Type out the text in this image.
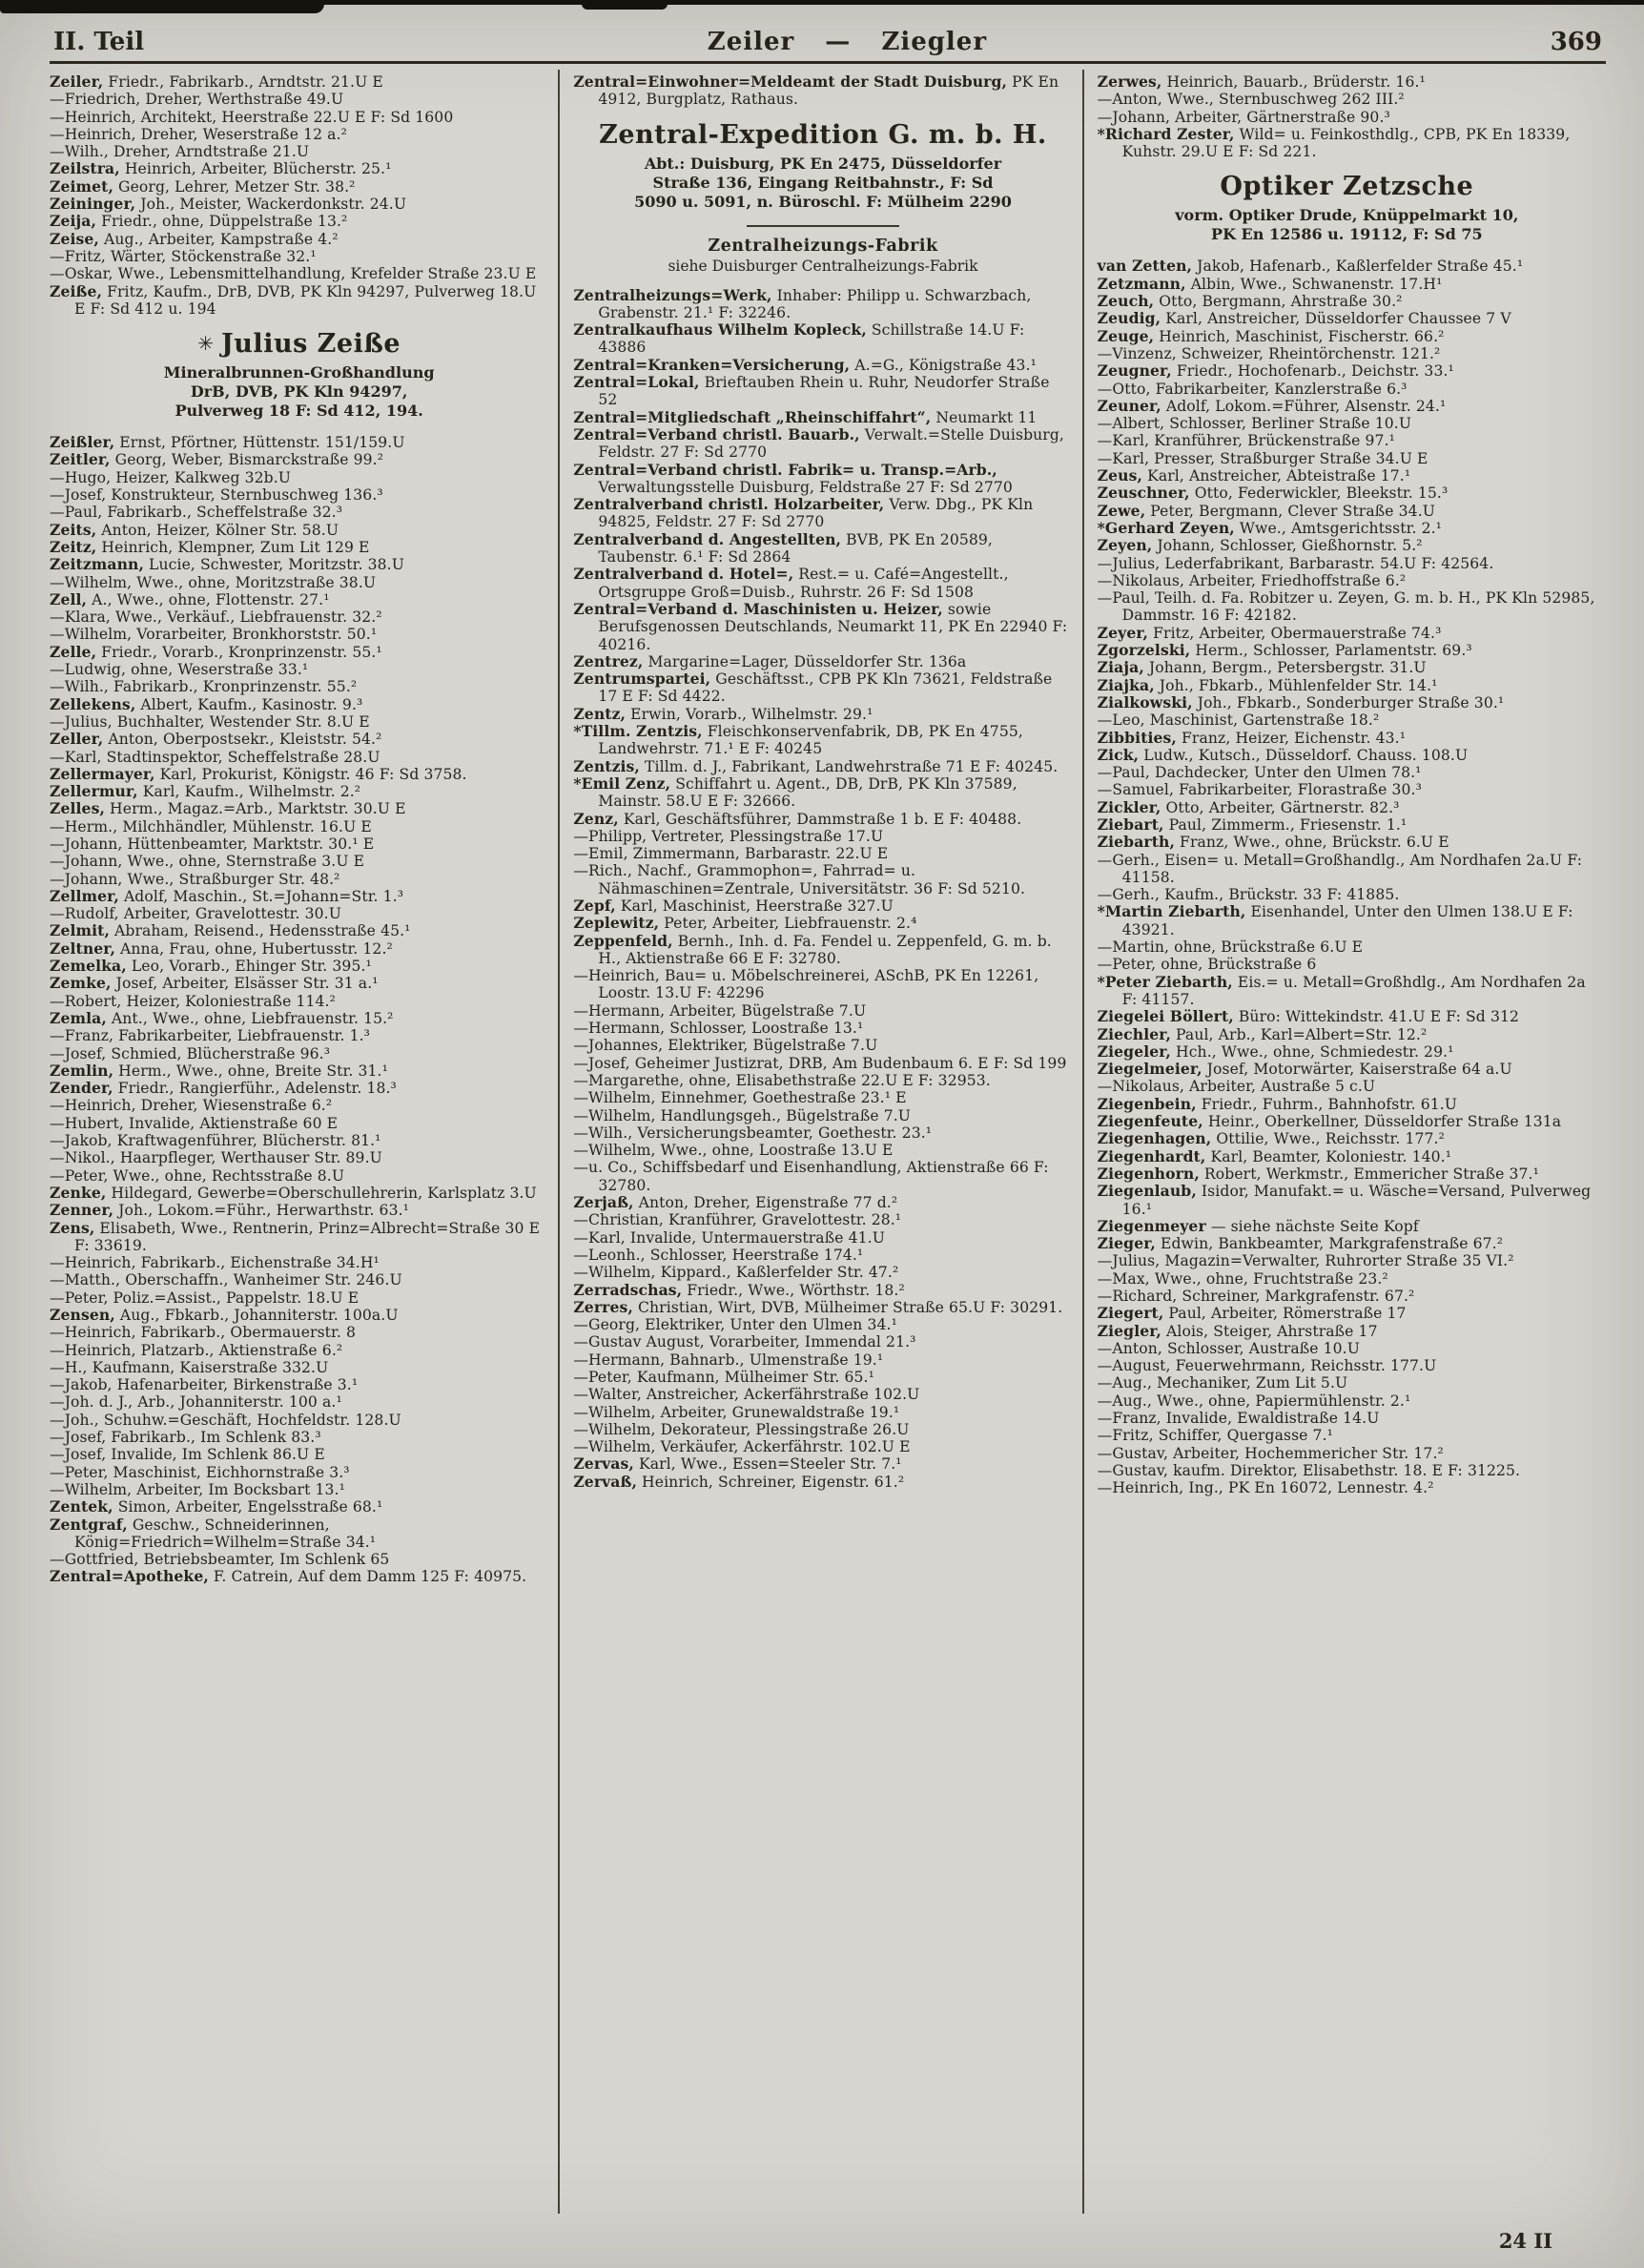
II. Teil	Zeiler — Ziegler	369
Zeiler, Friedr., Fabrikarb., Arndtstr. 21.U E
—Friedrich, Dreher, Werthstraße 49.U
—Heinrich, Architekt, Heerstraße 22.U E F: Sd 1600
—Heinrich, Dreher, Weserstraße 12 a.²
—Wilh., Dreher, Arndtstraße 21.U
Zeilstra, Heinrich, Arbeiter, Blücherstr. 25.¹
Zeimet, Georg, Lehrer, Metzer Str. 38.²
Zeininger, Joh., Meister, Wackerdonkstr. 24.U
Zeija, Friedr., ohne, Düppelstraße 13.²
Zeise, Aug., Arbeiter, Kampstraße 4.²
—Fritz, Wärter, Stöckenstraße 32.¹
—Oskar, Wwe., Lebensmittelhandlung, Krefelder Straße 23.U E
Zeiße, Fritz, Kaufm., DrB, DVB, PK Kln 94297, Pulverweg 18.U E F: Sd 412 u. 194
✳ Julius Zeiße
Mineralbrunnen-Großhandlung
DrB, DVB, PK Kln 94297,
Pulverweg 18 F: Sd 412, 194.
Zeißler, Ernst, Pförtner, Hüttenstr. 151/159.U
Zeitler, Georg, Weber, Bismarckstraße 99.²
—Hugo, Heizer, Kalkweg 32b.U
—Josef, Konstrukteur, Sternbuschweg 136.³
—Paul, Fabrikarb., Scheffelstraße 32.³
Zeits, Anton, Heizer, Kölner Str. 58.U
Zeitz, Heinrich, Klempner, Zum Lit 129 E
Zeitzmann, Lucie, Schwester, Moritzstr. 38.U
—Wilhelm, Wwe., ohne, Moritzstraße 38.U
Zell, A., Wwe., ohne, Flottenstr. 27.¹
—Klara, Wwe., Verkäuf., Liebfrauenstr. 32.²
—Wilhelm, Vorarbeiter, Bronkhorststr. 50.¹
Zelle, Friedr., Vorarb., Kronprinzenstr. 55.¹
—Ludwig, ohne, Weserstraße 33.¹
—Wilh., Fabrikarb., Kronprinzenstr. 55.²
Zellekens, Albert, Kaufm., Kasinostr. 9.³
—Julius, Buchhalter, Westender Str. 8.U E
Zeller, Anton, Oberpostsekr., Kleiststr. 54.²
—Karl, Stadtinspektor, Scheffelstraße 28.U
Zellermayer, Karl, Prokurist, Königstr. 46 F: Sd 3758.
Zellermur, Karl, Kaufm., Wilhelmstr. 2.²
Zelles, Herm., Magaz.=Arb., Marktstr. 30.U E
—Herm., Milchhändler, Mühlenstr. 16.U E
—Johann, Hüttenbeamter, Marktstr. 30.¹ E
—Johann, Wwe., ohne, Sternstraße 3.U E
—Johann, Wwe., Straßburger Str. 48.²
Zellmer, Adolf, Maschin., St.=Johann=Str. 1.³
—Rudolf, Arbeiter, Gravelottestr. 30.U
Zelmit, Abraham, Reisend., Hedensstraße 45.¹
Zeltner, Anna, Frau, ohne, Hubertusstr. 12.²
Zemelka, Leo, Vorarb., Ehinger Str. 395.¹
Zemke, Josef, Arbeiter, Elsässer Str. 31 a.¹
—Robert, Heizer, Koloniestraße 114.²
Zemla, Ant., Wwe., ohne, Liebfrauenstr. 15.²
—Franz, Fabrikarbeiter, Liebfrauenstr. 1.³
—Josef, Schmied, Blücherstraße 96.³
Zemlin, Herm., Wwe., ohne, Breite Str. 31.¹
Zender, Friedr., Rangierführ., Adelenstr. 18.³
—Heinrich, Dreher, Wiesenstraße 6.²
—Hubert, Invalide, Aktienstraße 60 E
—Jakob, Kraftwagenführer, Blücherstr. 81.¹
—Nikol., Haarpfleger, Werthauser Str. 89.U
—Peter, Wwe., ohne, Rechtsstraße 8.U
Zenke, Hildegard, Gewerbe=Oberschullehrerin, Karlsplatz 3.U
Zenner, Joh., Lokom.=Führ., Herwarthstr. 63.¹
Zens, Elisabeth, Wwe., Rentnerin, Prinz=Albrecht=Straße 30 E F: 33619.
—Heinrich, Fabrikarb., Eichenstraße 34.H¹
—Matth., Oberschaffn., Wanheimer Str. 246.U
—Peter, Poliz.=Assist., Pappelstr. 18.U E
Zensen, Aug., Fbkarb., Johanniterstr. 100a.U
—Heinrich, Fabrikarb., Obermauerstr. 8
—Heinrich, Platzarb., Aktienstraße 6.²
—H., Kaufmann, Kaiserstraße 332.U
—Jakob, Hafenarbeiter, Birkenstraße 3.¹
—Joh. d. J., Arb., Johanniterstr. 100 a.¹
—Joh., Schuhw.=Geschäft, Hochfeldstr. 128.U
—Josef, Fabrikarb., Im Schlenk 83.³
—Josef, Invalide, Im Schlenk 86.U E
—Peter, Maschinist, Eichhornstraße 3.³
—Wilhelm, Arbeiter, Im Bocksbart 13.¹
Zentek, Simon, Arbeiter, Engelsstraße 68.¹
Zentgraf, Geschw., Schneiderinnen, König=Friedrich=Wilhelm=Straße 34.¹
—Gottfried, Betriebsbeamter, Im Schlenk 65
Zentral=Apotheke, F. Catrein, Auf dem Damm 125 F: 40975.
Zentral=Einwohner=Meldeamt der Stadt Duisburg, PK En 4912, Burgplatz, Rathaus.
Zentral-Expedition G. m. b. H.
Abt.: Duisburg, PK En 2475, Düsseldorfer
Straße 136, Eingang Reitbahnstr., F: Sd
5090 u. 5091, n. Büroschl. F: Mülheim 2290
Zentralheizungs-Fabrik
siehe Duisburger Centralheizungs-Fabrik
Zentralheizungs=Werk, Inhaber: Philipp u. Schwarzbach, Grabenstr. 21.¹ F: 32246.
Zentralkaufhaus Wilhelm Kopleck, Schillstraße 14.U F: 43886
Zentral=Kranken=Versicherung, A.=G., Königstraße 43.¹
Zentral=Lokal, Brieftauben Rhein u. Ruhr, Neudorfer Straße 52
Zentral=Mitgliedschaft „Rheinschiffahrt“, Neumarkt 11
Zentral=Verband christl. Bauarb., Verwalt.=Stelle Duisburg, Feldstr. 27 F: Sd 2770
Zentral=Verband christl. Fabrik= u. Transp.=Arb., Verwaltungsstelle Duisburg, Feldstraße 27 F: Sd 2770
Zentralverband christl. Holzarbeiter, Verw. Dbg., PK Kln 94825, Feldstr. 27 F: Sd 2770
Zentralverband d. Angestellten, BVB, PK En 20589, Taubenstr. 6.¹ F: Sd 2864
Zentralverband d. Hotel=, Rest.= u. Café=Angestellt., Ortsgruppe Groß=Duisb., Ruhrstr. 26 F: Sd 1508
Zentral=Verband d. Maschinisten u. Heizer, sowie Berufsgenossen Deutschlands, Neumarkt 11, PK En 22940 F: 40216.
Zentrez, Margarine=Lager, Düsseldorfer Str. 136a
Zentrumspartei, Geschäftsst., CPB PK Kln 73621, Feldstraße 17 E F: Sd 4422.
Zentz, Erwin, Vorarb., Wilhelmstr. 29.¹
*Tillm. Zentzis, Fleischkonservenfabrik, DB, PK En 4755, Landwehrstr. 71.¹ E F: 40245
Zentzis, Tillm. d. J., Fabrikant, Landwehrstraße 71 E F: 40245.
*Emil Zenz, Schiffahrt u. Agent., DB, DrB, PK Kln 37589, Mainstr. 58.U E F: 32666.
Zenz, Karl, Geschäftsführer, Dammstraße 1 b. E F: 40488.
—Philipp, Vertreter, Plessingstraße 17.U
—Emil, Zimmermann, Barbarastr. 22.U E
—Rich., Nachf., Grammophon=, Fahrrad= u. Nähmaschinen=Zentrale, Universitätstr. 36 F: Sd 5210.
Zepf, Karl, Maschinist, Heerstraße 327.U
Zeplewitz, Peter, Arbeiter, Liebfrauenstr. 2.⁴
Zeppenfeld, Bernh., Inh. d. Fa. Fendel u. Zeppenfeld, G. m. b. H., Aktienstraße 66 E F: 32780.
—Heinrich, Bau= u. Möbelschreinerei, ASchB, PK En 12261, Loostr. 13.U F: 42296
—Hermann, Arbeiter, Bügelstraße 7.U
—Hermann, Schlosser, Loostraße 13.¹
—Johannes, Elektriker, Bügelstraße 7.U
—Josef, Geheimer Justizrat, DRB, Am Budenbaum 6. E F: Sd 199
—Margarethe, ohne, Elisabethstraße 22.U E F: 32953.
—Wilhelm, Einnehmer, Goethestraße 23.¹ E
—Wilhelm, Handlungsgeh., Bügelstraße 7.U
—Wilh., Versicherungsbeamter, Goethestr. 23.¹
—Wilhelm, Wwe., ohne, Loostraße 13.U E
—u. Co., Schiffsbedarf und Eisenhandlung, Aktienstraße 66 F: 32780.
Zerjaß, Anton, Dreher, Eigenstraße 77 d.²
—Christian, Kranführer, Gravelottestr. 28.¹
—Karl, Invalide, Untermauerstraße 41.U
—Leonh., Schlosser, Heerstraße 174.¹
—Wilhelm, Kippard., Kaßlerfelder Str. 47.²
Zerradschas, Friedr., Wwe., Wörthstr. 18.²
Zerres, Christian, Wirt, DVB, Mülheimer Straße 65.U F: 30291.
—Georg, Elektriker, Unter den Ulmen 34.¹
—Gustav August, Vorarbeiter, Immendal 21.³
—Hermann, Bahnarb., Ulmenstraße 19.¹
—Peter, Kaufmann, Mülheimer Str. 65.¹
—Walter, Anstreicher, Ackerfährstraße 102.U
—Wilhelm, Arbeiter, Grunewaldstraße 19.¹
—Wilhelm, Dekorateur, Plessingstraße 26.U
—Wilhelm, Verkäufer, Ackerfährstr. 102.U E
Zervas, Karl, Wwe., Essen=Steeler Str. 7.¹
Zervaß, Heinrich, Schreiner, Eigenstr. 61.²
Zerwes, Heinrich, Bauarb., Brüderstr. 16.¹
—Anton, Wwe., Sternbuschweg 262 III.²
—Johann, Arbeiter, Gärtnerstraße 90.³
*Richard Zester, Wild= u. Feinkosthdlg., CPB, PK En 18339, Kuhstr. 29.U E F: Sd 221.
Optiker Zetzsche
vorm. Optiker Drude, Knüppelmarkt 10,
PK En 12586 u. 19112, F: Sd 75
van Zetten, Jakob, Hafenarb., Kaßlerfelder Straße 45.¹
Zetzmann, Albin, Wwe., Schwanenstr. 17.H¹
Zeuch, Otto, Bergmann, Ahrstraße 30.²
Zeudig, Karl, Anstreicher, Düsseldorfer Chaussee 7 V
Zeuge, Heinrich, Maschinist, Fischerstr. 66.²
—Vinzenz, Schweizer, Rheintörchenstr. 121.²
Zeugner, Friedr., Hochofenarb., Deichstr. 33.¹
—Otto, Fabrikarbeiter, Kanzlerstraße 6.³
Zeuner, Adolf, Lokom.=Führer, Alsenstr. 24.¹
—Albert, Schlosser, Berliner Straße 10.U
—Karl, Kranführer, Brückenstraße 97.¹
—Karl, Presser, Straßburger Straße 34.U E
Zeus, Karl, Anstreicher, Abteistraße 17.¹
Zeuschner, Otto, Federwickler, Bleekstr. 15.³
Zewe, Peter, Bergmann, Clever Straße 34.U
*Gerhard Zeyen, Wwe., Amtsgerichtsstr. 2.¹
Zeyen, Johann, Schlosser, Gießhornstr. 5.²
—Julius, Lederfabrikant, Barbarastr. 54.U F: 42564.
—Nikolaus, Arbeiter, Friedhoffstraße 6.²
—Paul, Teilh. d. Fa. Robitzer u. Zeyen, G. m. b. H., PK Kln 52985, Dammstr. 16 F: 42182.
Zeyer, Fritz, Arbeiter, Obermauerstraße 74.³
Zgorzelski, Herm., Schlosser, Parlamentstr. 69.³
Ziaja, Johann, Bergm., Petersbergstr. 31.U
Ziajka, Joh., Fbkarb., Mühlenfelder Str. 14.¹
Zialkowski, Joh., Fbkarb., Sonderburger Straße 30.¹
—Leo, Maschinist, Gartenstraße 18.²
Zibbities, Franz, Heizer, Eichenstr. 43.¹
Zick, Ludw., Kutsch., Düsseldorf. Chauss. 108.U
—Paul, Dachdecker, Unter den Ulmen 78.¹
—Samuel, Fabrikarbeiter, Florastraße 30.³
Zickler, Otto, Arbeiter, Gärtnerstr. 82.³
Ziebart, Paul, Zimmerm., Friesenstr. 1.¹
Ziebarth, Franz, Wwe., ohne, Brückstr. 6.U E
—Gerh., Eisen= u. Metall=Großhandlg., Am Nordhafen 2a.U F: 41158.
—Gerh., Kaufm., Brückstr. 33 F: 41885.
*Martin Ziebarth, Eisenhandel, Unter den Ulmen 138.U E F: 43921.
—Martin, ohne, Brückstraße 6.U E
—Peter, ohne, Brückstraße 6
*Peter Ziebarth, Eis.= u. Metall=Großhdlg., Am Nordhafen 2a F: 41157.
Ziegelei Böllert, Büro: Wittekindstr. 41.U E F: Sd 312
Ziechler, Paul, Arb., Karl=Albert=Str. 12.²
Ziegeler, Hch., Wwe., ohne, Schmiedestr. 29.¹
Ziegelmeier, Josef, Motorwärter, Kaiserstraße 64 a.U
—Nikolaus, Arbeiter, Austraße 5 c.U
Ziegenbein, Friedr., Fuhrm., Bahnhofstr. 61.U
Ziegenfeute, Heinr., Oberkellner, Düsseldorfer Straße 131a
Ziegenhagen, Ottilie, Wwe., Reichsstr. 177.²
Ziegenhardt, Karl, Beamter, Koloniestr. 140.¹
Ziegenhorn, Robert, Werkmstr., Emmericher Straße 37.¹
Ziegenlaub, Isidor, Manufakt.= u. Wäsche=Versand, Pulverweg 16.¹
Ziegenmeyer — siehe nächste Seite Kopf
Zieger, Edwin, Bankbeamter, Markgrafenstraße 67.²
—Julius, Magazin=Verwalter, Ruhrorter Straße 35 VI.²
—Max, Wwe., ohne, Fruchtstraße 23.²
—Richard, Schreiner, Markgrafenstr. 67.²
Ziegert, Paul, Arbeiter, Römerstraße 17
Ziegler, Alois, Steiger, Ahrstraße 17
—Anton, Schlosser, Austraße 10.U
—August, Feuerwehrmann, Reichsstr. 177.U
—Aug., Mechaniker, Zum Lit 5.U
—Aug., Wwe., ohne, Papiermühlenstr. 2.¹
—Franz, Invalide, Ewaldistraße 14.U
—Fritz, Schiffer, Quergasse 7.¹
—Gustav, Arbeiter, Hochemmericher Str. 17.²
—Gustav, kaufm. Direktor, Elisabethstr. 18. E F: 31225.
—Heinrich, Ing., PK En 16072, Lennestr. 4.²
24 II
